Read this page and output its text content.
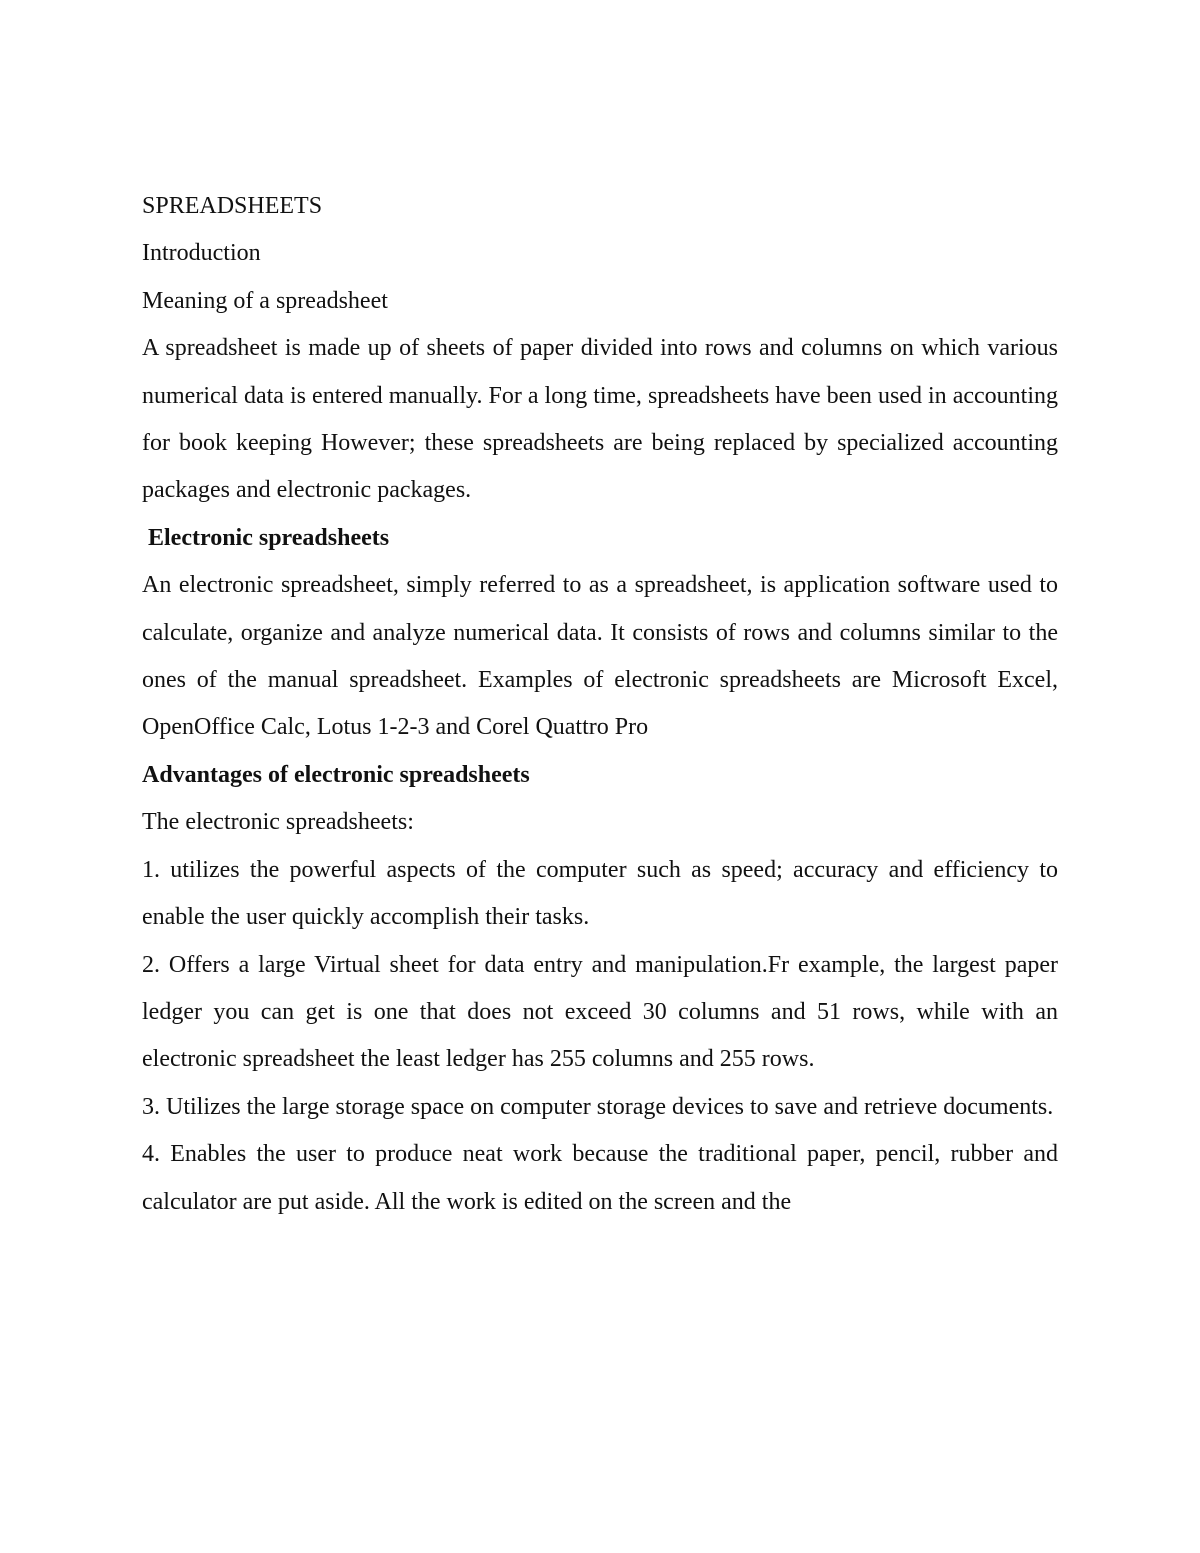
SPREADSHEETS

Introduction

Meaning of a spreadsheet

A spreadsheet is made up of sheets of paper divided into rows and columns on which various numerical data is entered manually. For a long time, spreadsheets have been used in accounting for book keeping However; these spreadsheets are being replaced by specialized accounting packages and electronic packages.

Electronic spreadsheets

An electronic spreadsheet, simply referred to as a spreadsheet, is application software used to calculate, organize and analyze numerical data. It consists of rows and columns similar to the ones of the manual spreadsheet. Examples of electronic spreadsheets are Microsoft Excel, OpenOffice Calc, Lotus 1-2-3 and Corel Quattro Pro

Advantages of electronic spreadsheets

The electronic spreadsheets:

1. utilizes the powerful aspects of the computer such as speed; accuracy and efficiency to enable the user quickly accomplish their tasks.

2. Offers a large Virtual sheet for data entry and manipulation.Fr example, the largest paper ledger you can get is one that does not exceed 30 columns and 51 rows, while with an electronic spreadsheet the least ledger has 255 columns and 255 rows.

3. Utilizes the large storage space on computer storage devices to save and retrieve documents.

4. Enables the user to produce neat work because the traditional paper, pencil, rubber and calculator are put aside. All the work is edited on the screen and the
